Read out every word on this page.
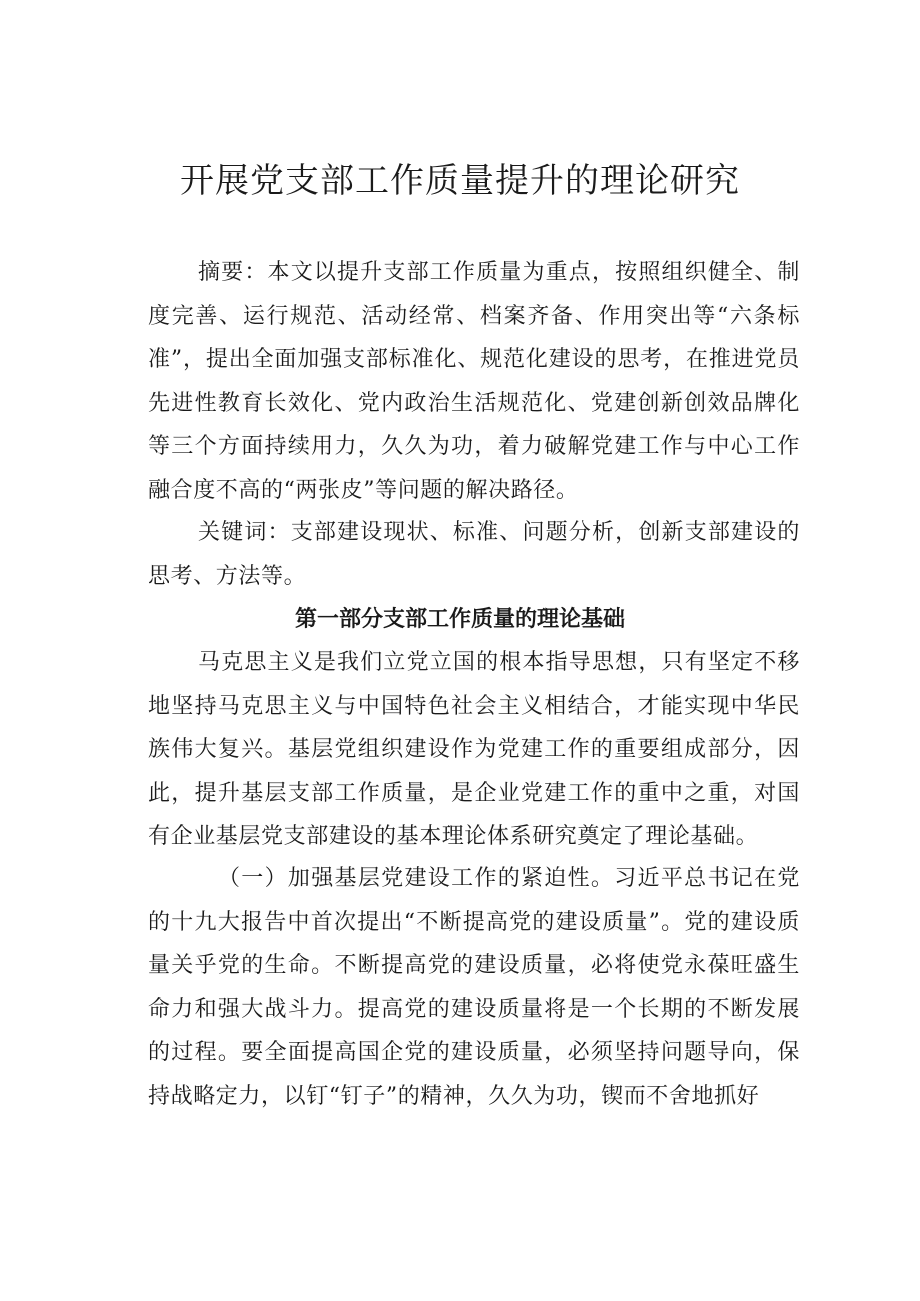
开展党支部工作质量提升的理论研究

摘要：本文以提升支部工作质量为重点，按照组织健全、制度完善、运行规范、活动经常、档案齐备、作用突出等“六条标准”，提出全面加强支部标准化、规范化建设的思考，在推进党员先进性教育长效化、党内政治生活规范化、党建创新创效品牌化等三个方面持续用力，久久为功，着力破解党建工作与中心工作融合度不高的“两张皮”等问题的解决路径。

关键词：支部建设现状、标准、问题分析，创新支部建设的思考、方法等。

第一部分支部工作质量的理论基础

马克思主义是我们立党立国的根本指导思想，只有坚定不移地坚持马克思主义与中国特色社会主义相结合，才能实现中华民族伟大复兴。基层党组织建设作为党建工作的重要组成部分，因此，提升基层支部工作质量，是企业党建工作的重中之重，对国有企业基层党支部建设的基本理论体系研究奠定了理论基础。

（一）加强基层党建设工作的紧迫性。习近平总书记在党的十九大报告中首次提出“不断提高党的建设质量”。党的建设质量关乎党的生命。不断提高党的建设质量，必将使党永葆旺盛生命力和强大战斗力。提高党的建设质量将是一个长期的不断发展的过程。要全面提高国企党的建设质量，必须坚持问题导向，保持战略定力，以钉“钉子”的精神，久久为功，锲而不舍地抓好
